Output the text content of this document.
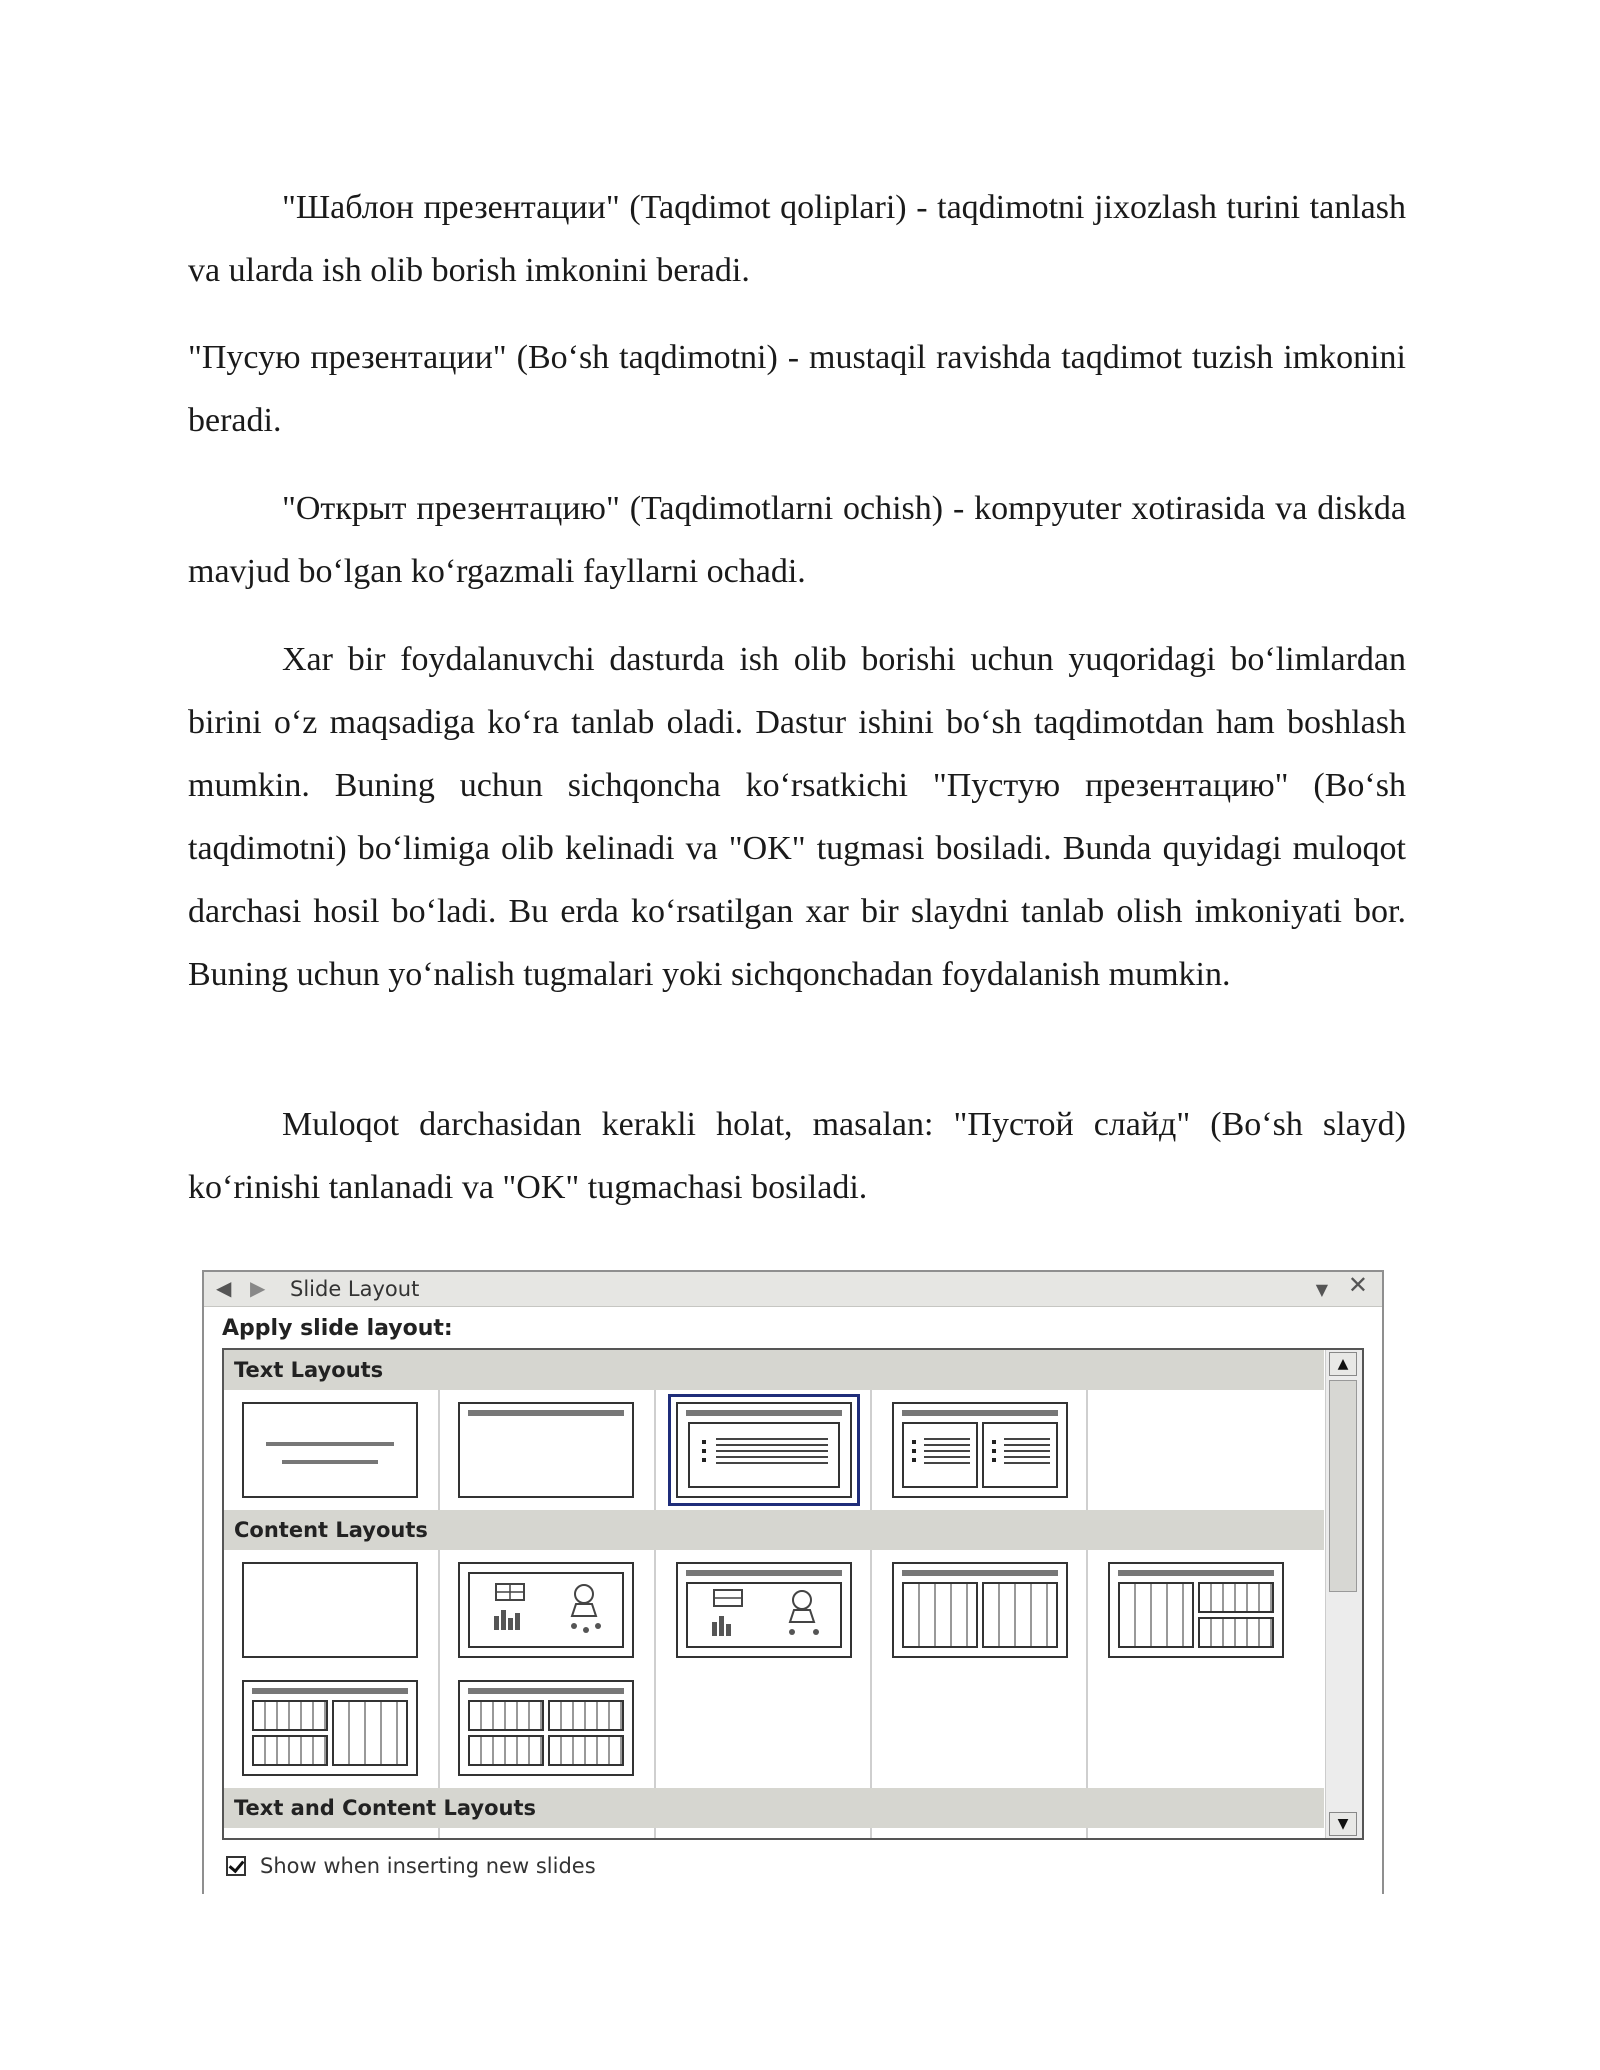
"Шаблон презентации" (Taqdimot qoliplari) - taqdimotni jixozlash turini tanlash va ularda ish olib borish imkonini beradi.

"Пусую презентации" (Bo‘sh taqdimotni) - mustaqil ravishda taqdimot tuzish imkonini beradi.

"Открыт презентацию" (Taqdimotlarni ochish) - kompyuter xotirasida va diskda mavjud bo‘lgan ko‘rgazmali fayllarni ochadi.

Xar bir foydalanuvchi dasturda ish olib borishi uchun yuqoridagi bo‘limlardan birini o‘z maqsadiga ko‘ra tanlab oladi. Dastur ishini bo‘sh taqdimotdan ham boshlash mumkin. Buning uchun sichqoncha ko‘rsatkichi "Пустую презентацию" (Bo‘sh taqdimotni) bo‘limiga olib kelinadi va "OK" tugmasi bosiladi. Bunda quyidagi muloqot darchasi hosil bo‘ladi. Bu erda ko‘rsatilgan xar bir slaydni tanlab olish imkoniyati bor. Buning uchun yo‘nalish tugmalari yoki sichqonchadan foydalanish mumkin.

Muloqot darchasidan kerakli holat, masalan: "Пустой слайд" (Bo‘sh slayd) ko‘rinishi tanlanadi va "OK" tugmachasi bosiladi.

◀ ▶ Slide Layout	▼ ✕
Apply slide layout:
Text Layouts
Content Layouts
Text and Content Layouts
▲
▼
Show when inserting new slides
